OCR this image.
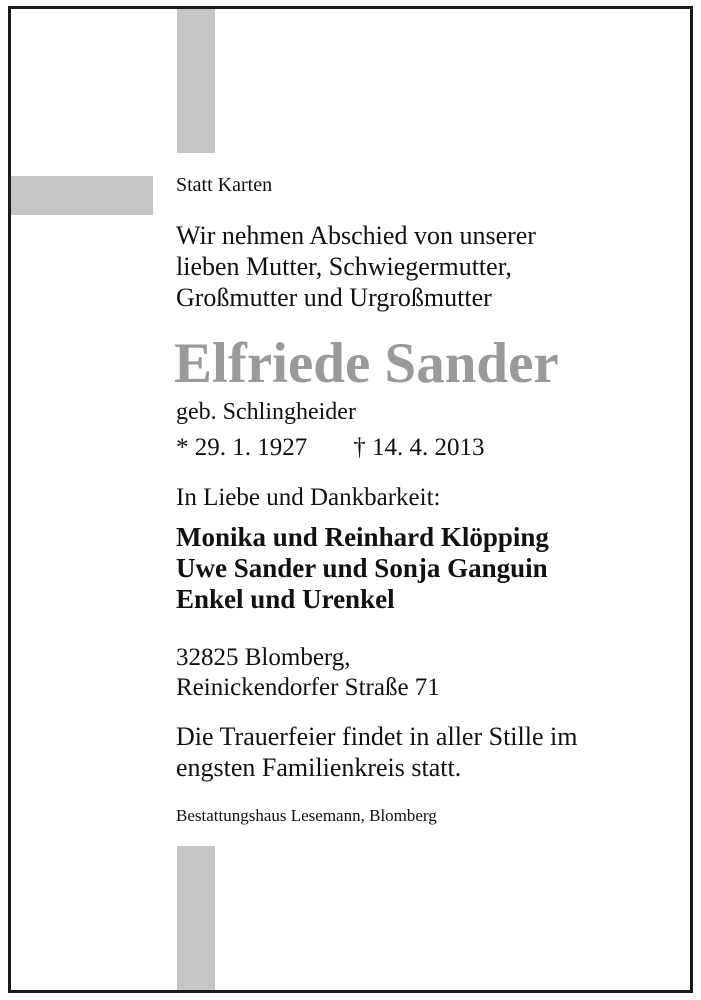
Statt Karten

Wir nehmen Abschied von unserer
lieben Mutter, Schwiegermutter,
Großmutter und Urgroßmutter
Elfriede Sander

geb. Schlingheider

* 29. 1. 1927 † 14. 4. 2013

In Liebe und Dankbarkeit:

Monika und Reinhard Klöpping
Uwe Sander und Sonja Ganguin
Enkel und Urenkel
32825 Blomberg,
Reinickendorfer Straße 71
Die Trauerfeier findet in aller Stille im
engsten Familienkreis statt.

Bestattungshaus Lesemann, Blomberg
